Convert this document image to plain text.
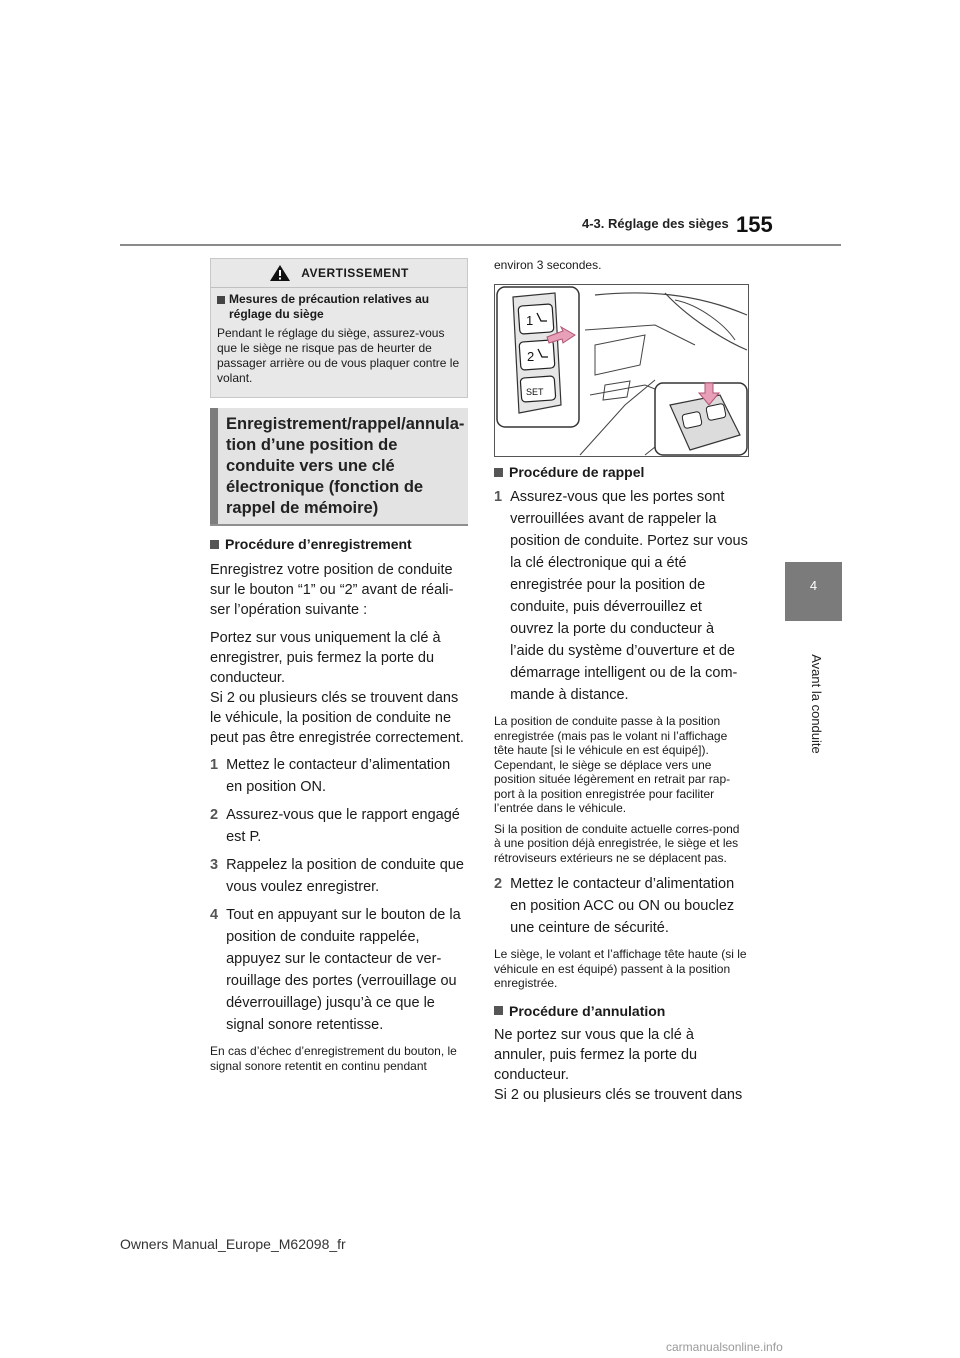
4-3. Réglage des sièges 155
4
Avant la conduite
AVERTISSEMENT
Mesures de précaution relatives au réglage du siège

Pendant le réglage du siège, assurez-vous que le siège ne risque pas de heurter de passager arrière ou de vous plaquer contre le volant.

Enregistrement/rappel/annula-tion d’une position de conduite vers une clé électronique (fonction de rappel de mémoire)
Procédure d’enregistrement

Enregistrez votre position de conduite sur le bouton “1” ou “2” avant de réali-ser l’opération suivante :

Portez sur vous uniquement la clé à enregistrer, puis fermez la porte du conducteur.

Si 2 ou plusieurs clés se trouvent dans le véhicule, la position de conduite ne peut pas être enregistrée correctement.

1 Mettez le contacteur d’alimentation en position ON.
2 Assurez-vous que le rapport engagé est P.
3 Rappelez la position de conduite que vous voulez enregistrer.
4 Tout en appuyant sur le bouton de la position de conduite rappelée, appuyez sur le contacteur de ver-rouillage des portes (verrouillage ou déverrouillage) jusqu’à ce que le signal sonore retentisse.

En cas d’échec d’enregistrement du bouton, le signal sonore retentit en continu pendant

environ 3 secondes.
1
2
SET
Procédure de rappel
1 Assurez-vous que les portes sont verrouillées avant de rappeler la position de conduite. Portez sur vous la clé électronique qui a été enregistrée pour la position de conduite, puis déverrouillez et ouvrez la porte du conducteur à l’aide du système d’ouverture et de démarrage intelligent ou de la com-mande à distance.

La position de conduite passe à la position enregistrée (mais pas le volant ni l’affichage tête haute [si le véhicule en est équipé]). Cependant, le siège se déplace vers une position située légèrement en retrait par rap-port à la position enregistrée pour faciliter l’entrée dans le véhicule.

Si la position de conduite actuelle corres-pond à une position déjà enregistrée, le siège et les rétroviseurs extérieurs ne se déplacent pas.

2 Mettez le contacteur d’alimentation en position ACC ou ON ou bouclez une ceinture de sécurité.

Le siège, le volant et l’affichage tête haute (si le véhicule en est équipé) passent à la position enregistrée.

Procédure d’annulation

Ne portez sur vous que la clé à annuler, puis fermez la porte du conducteur.

Si 2 ou plusieurs clés se trouvent dans

Owners Manual_Europe_M62098_fr
carmanualsonline.info
